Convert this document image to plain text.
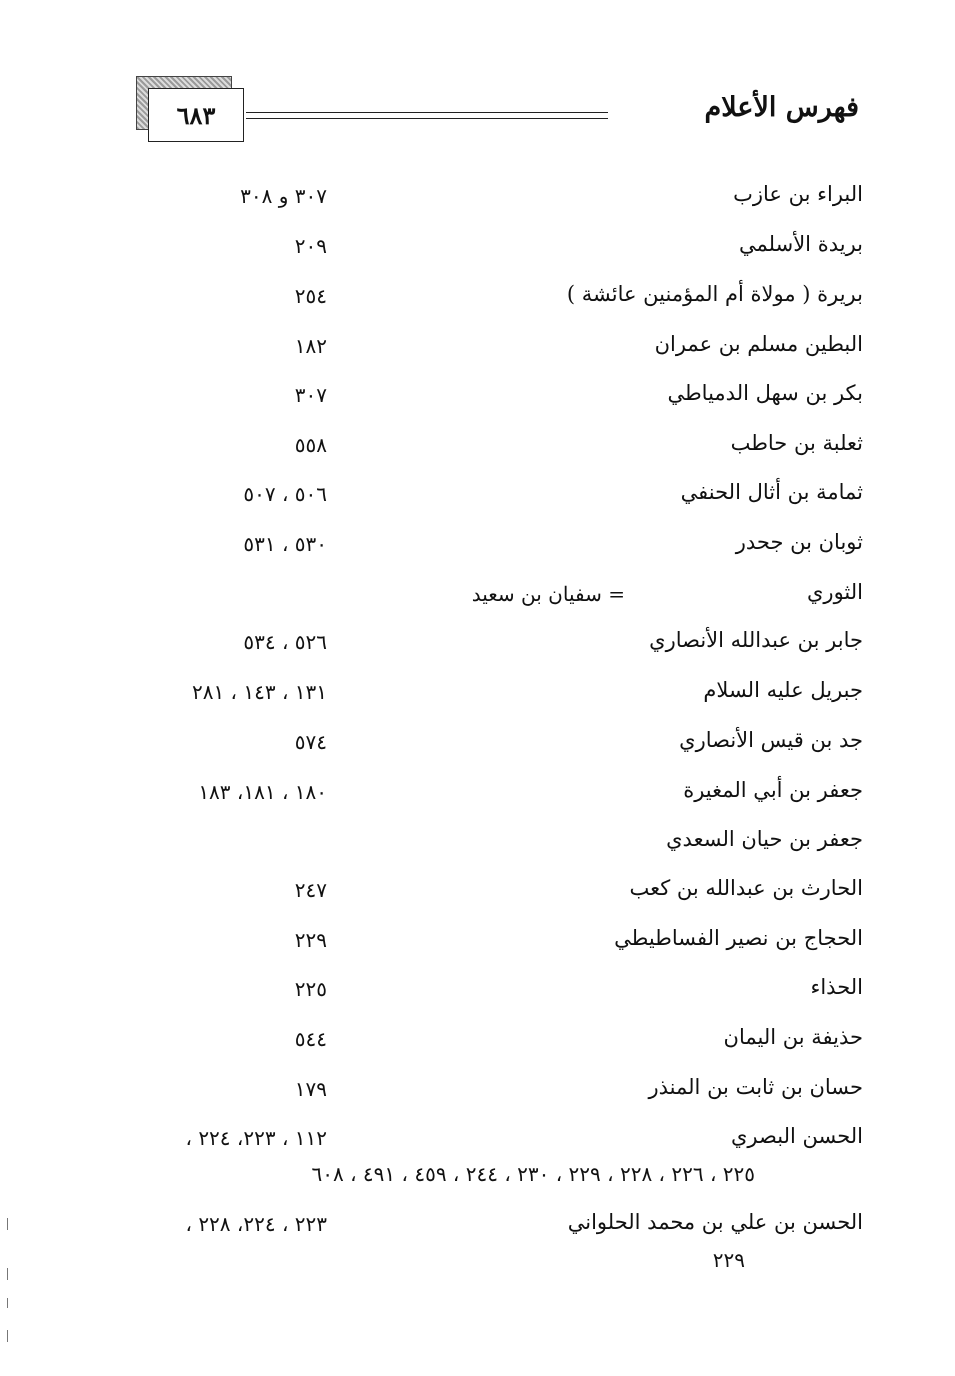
٦٨٣	فهرس الأعلام
البراء بن عازب
٣٠٧ و ٣٠٨
بريدة الأسلمي
٢٠٩
بريرة ( مولاة أم المؤمنين عائشة )
٢٥٤
البطين مسلم بن عمران
١٨٢
بكر بن سهل الدمياطي
٣٠٧
ثعلبة بن حاطب
٥٥٨
ثمامة بن أثال الحنفي
٥٠٦ ، ٥٠٧
ثوبان بن جحدر
٥٣٠ ، ٥٣١
الثوري
= سفيان بن سعيد
جابر بن عبدالله الأنصاري
٥٢٦ ، ٥٣٤
جبريل عليه السلام
١٣١ ، ١٤٣ ، ٢٨١
جد بن قيس الأنصاري
٥٧٤
جعفر بن أبي المغيرة
١٨٠ ، ١٨١، ١٨٣
جعفر بن حيان السعدي
الحارث بن عبدالله بن كعب
٢٤٧
الحجاج بن نصير الفساطيطي
٢٢٩
الحذاء
٢٢٥
حذيفة بن اليمان
٥٤٤
حسان بن ثابت بن المنذر
١٧٩
الحسن البصري
١١٢ ، ٢٢٣، ٢٢٤ ،
٢٢٥ ، ٢٢٦ ، ٢٢٨ ، ٢٢٩ ، ٢٣٠ ، ٢٤٤ ، ٤٥٩ ، ٤٩١ ، ٦٠٨
الحسن بن علي بن محمد الحلواني
٢٢٣ ، ٢٢٤، ٢٢٨ ،
٢٢٩
